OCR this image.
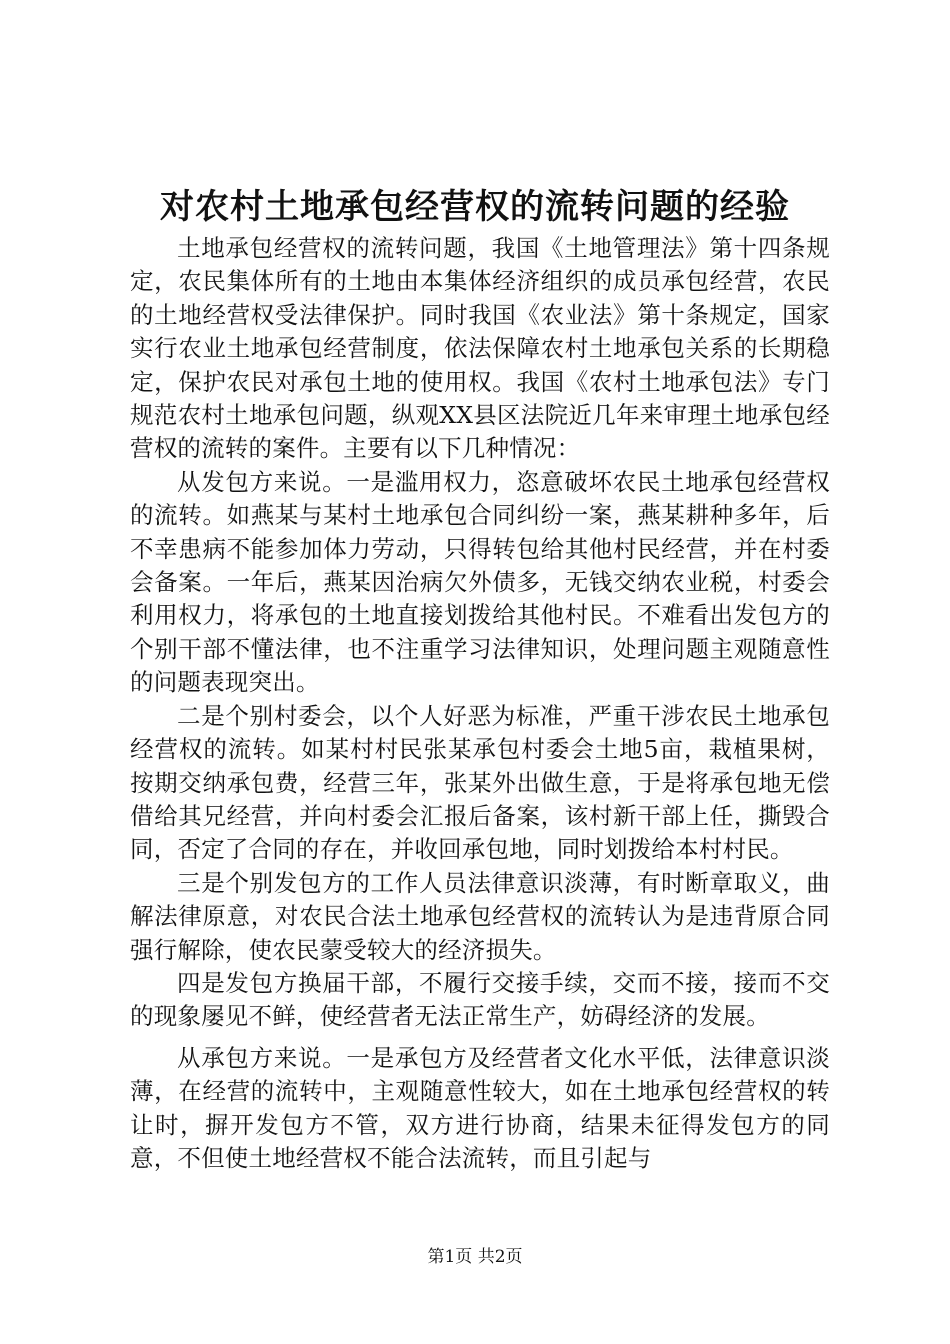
对农村土地承包经营权的流转问题的经验

土地承包经营权的流转问题，我国《土地管理法》第十四条规定，农民集体所有的土地由本集体经济组织的成员承包经营，农民的土地经营权受法律保护。同时我国《农业法》第十条规定，国家实行农业土地承包经营制度，依法保障农村土地承包关系的长期稳定，保护农民对承包土地的使用权。我国《农村土地承包法》专门规范农村土地承包问题，纵观XX县区法院近几年来审理土地承包经营权的流转的案件。主要有以下几种情况：

从发包方来说。一是滥用权力，恣意破坏农民土地承包经营权的流转。如燕某与某村土地承包合同纠纷一案，燕某耕种多年，后不幸患病不能参加体力劳动，只得转包给其他村民经营，并在村委会备案。一年后，燕某因治病欠外债多，无钱交纳农业税，村委会利用权力，将承包的土地直接划拨给其他村民。不难看出发包方的个别干部不懂法律，也不注重学习法律知识，处理问题主观随意性的问题表现突出。

二是个别村委会，以个人好恶为标准，严重干涉农民土地承包经营权的流转。如某村村民张某承包村委会土地5亩，栽植果树，按期交纳承包费，经营三年，张某外出做生意，于是将承包地无偿借给其兄经营，并向村委会汇报后备案，该村新干部上任，撕毁合同，否定了合同的存在，并收回承包地，同时划拨给本村村民。

三是个别发包方的工作人员法律意识淡薄，有时断章取义，曲解法律原意，对农民合法土地承包经营权的流转认为是违背原合同强行解除，使农民蒙受较大的经济损失。

四是发包方换届干部，不履行交接手续，交而不接，接而不交的现象屡见不鲜，使经营者无法正常生产，妨碍经济的发展。

从承包方来说。一是承包方及经营者文化水平低，法律意识淡薄，在经营的流转中，主观随意性较大，如在土地承包经营权的转让时，摒开发包方不管，双方进行协商，结果未征得发包方的同意，不但使土地经营权不能合法流转，而且引起与

第1页 共2页
